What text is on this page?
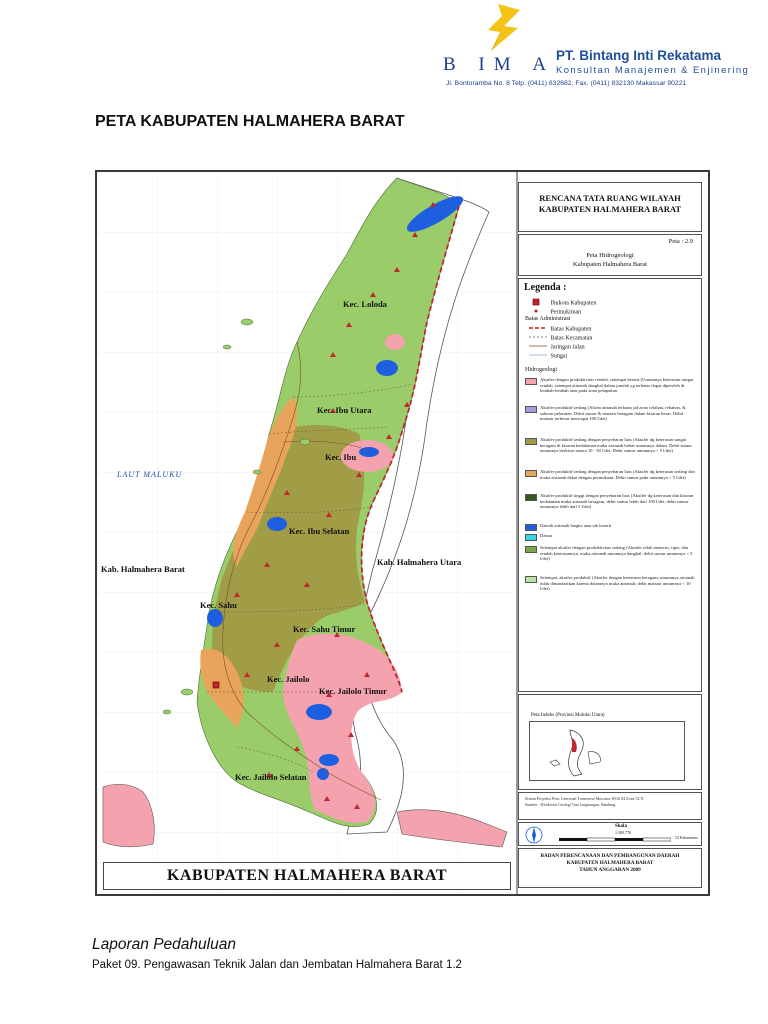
B IM A PT. Bintang Inti Rekatama
Konsultan Manajemen & Enjinering
Jl. Bontoramba No. 8 Telp. (0411) 832682, Fax. (0411) 832130 Makassar 90221
PETA KABUPATEN HALMAHERA BARAT
LAUT MALUKU
Kab. Halmahera Barat
Kab. Halmahera Utara
Kec. Loloda
Kec. Ibu Utara
Kec. Ibu
Kec. Ibu Selatan
Kec. Sahu
Kec. Sahu Timur
Kec. Jailolo
Kec. Jailolo Timur
Kec. Jailolo Selatan
KABUPATEN HALMAHERA BARAT
RENCANA TATA RUANG WILAYAH
KABUPATEN HALMAHERA BARAT
Peta : 2.9
Peta Hidrogeologi
Kabupaten Halmahera Barat
Legenda :
Ibukota Kabupaten
Permukiman
Batas Administrasi
Batas Kabupaten
Batas Kecamatan
Jaringan Jalan
Sungai
Hidrogeologi
Akuifer dengan produktivitas rendah, setempat berarti (Umumnya keterusan sangat rendah, setempat airtanah dangkal dalam jumlah yg terbatas dapat diperoleh di lembah-lembah atau pada zona pelapukan
Akuifer produktif sedang (Aliran airtanah terbatas pd zona celahan, rekahan, & saluran pelarutan. Debit sumur & mataair beragam dalam kisaran besar. Debit mataair terbesar mencapai 100 l/det)
Akuifer produktif sedang dengan penyebaran luas (Akuifer dg keterusan sangat beragam di kisaran kedalaman muka airtanah bebas umumnya dalam. Debit sumur umumnya berkisar antara 10 - 50 l/det. Debit sumur umumnya < 5 l/det)
Akuifer produktif sedang dengan penyebaran luas (Akuifer dg keterusan sedang dan muka airtanah dekat dengan permukaan. Debit sumur pada umumnya < 5 l/det)
Akuifer produktif tinggi dengan penyebaran luas (Akuifer dg keterusan dan kisaran kedalaman muka airtanah beragam, debit sumur lebih dari 100 l/det, debit sumur umumnya lebih dari 5 l/det)
Daerah airtanah langka atau tak berarti
Danau
Setempat akuifer dengan produktivitas sedang (Akuifer tidak menerus, tipis, dan rendah keterusannya, muka airtanah umumnya dangkal, debit sumur umumnya < 5 l/det)
Setempat, akuifer produktif (Akuifer dengan keterusan beragam; umumnya airtanah tidak dimanfaatkan karena dalamnya muka airtanah; debit mataair umumnya < 10 l/det)
Peta Indeks (Provinsi Maluku Utara)
Sistem Proyeksi Peta: Universal Transverse Mercator WGS 84 Zone 52 N
Sumber : Direktorat Geologi Tata Lingkungan, Bandung
Skala
1:300.776
12 Kilometers
BADAN PERENCANAAN DAN PEMBANGUNAN DAERAH
KABUPATEN HALMAHERA BARAT
TAHUN ANGGARAN 2009
Laporan Pedahuluan
Paket 09. Pengawasan Teknik Jalan dan Jembatan Halmahera Barat 1.2
